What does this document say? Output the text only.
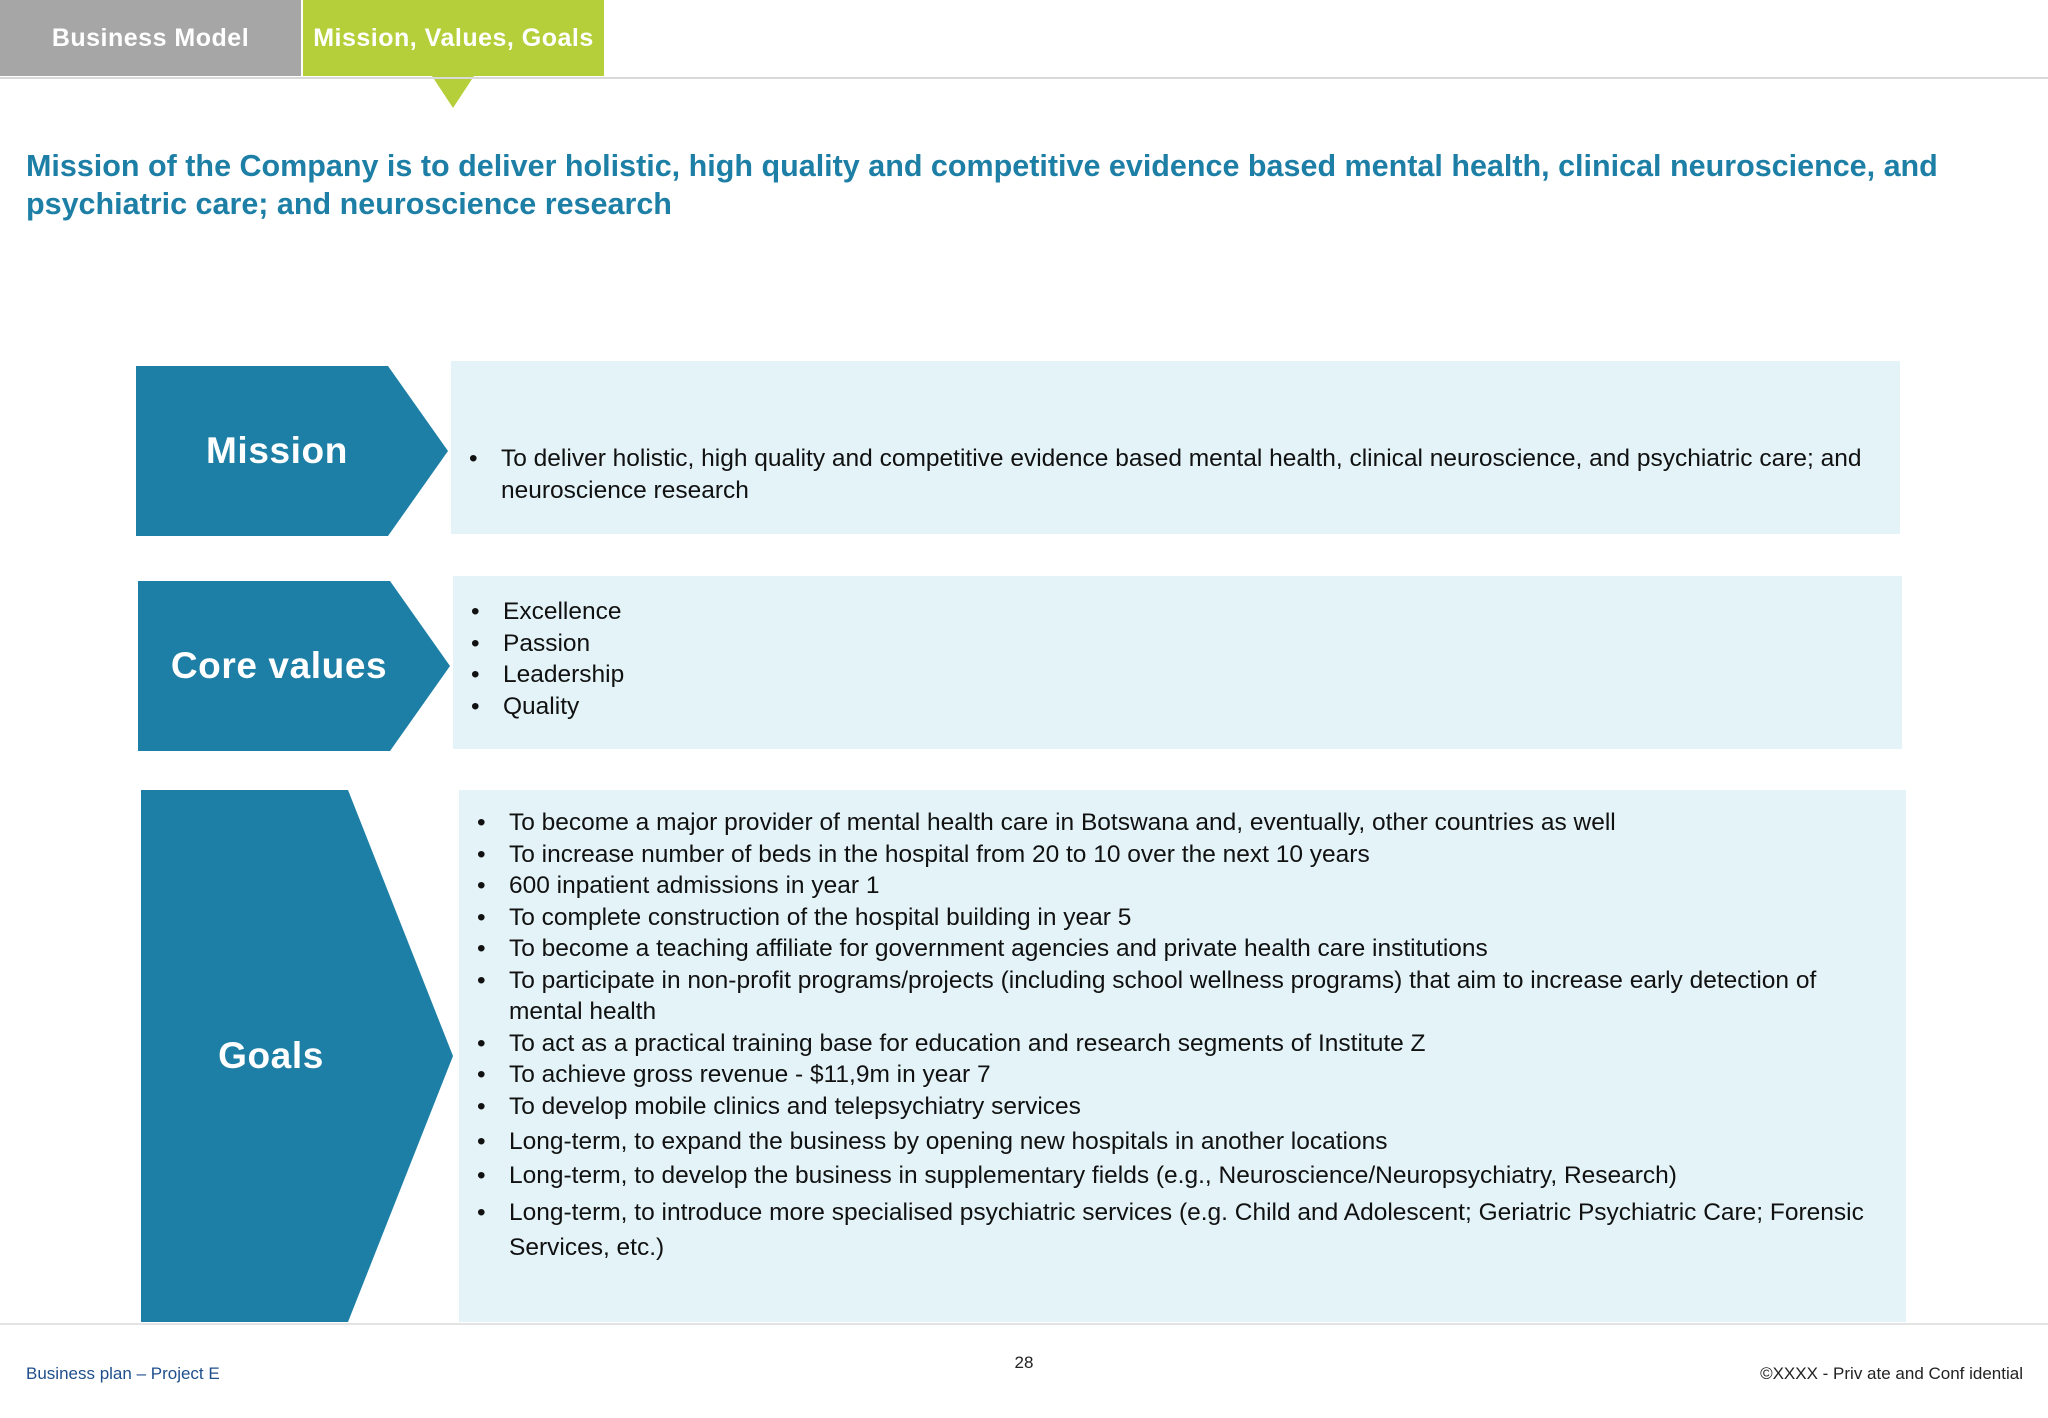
Business Model	Mission, Values, Goals
Mission of the Company is to deliver holistic, high quality and competitive evidence based mental health, clinical neuroscience, and psychiatric care; and neuroscience research
Mission
•	To deliver holistic, high quality and competitive evidence based mental health, clinical neuroscience, and psychiatric care; and neuroscience research
Core values
• Excellence
• Passion
• Leadership
• Quality
Goals
• To become a major provider of mental health care in Botswana and, eventually, other countries as well
• To increase number of beds in the hospital from 20 to 10 over the next 10 years
• 600 inpatient admissions in year 1
• To complete construction of the hospital building in year 5
• To become a teaching affiliate for government agencies and private health care institutions
• To participate in non-profit programs/projects (including school wellness programs) that aim to increase early detection of mental health
• To act as a practical training base for education and research segments of Institute Z
• To achieve gross revenue - $11,9m in year 7
• To develop mobile clinics and telepsychiatry services
• Long-term, to expand the business by opening new hospitals in another locations
• Long-term, to develop the business in supplementary fields (e.g., Neuroscience/Neuropsychiatry, Research)
• Long-term, to introduce more specialised psychiatric services (e.g. Child and Adolescent; Geriatric Psychiatric Care; Forensic Services, etc.)
Business plan – Project E
28
©XXXX - Priv ate and Conf idential
